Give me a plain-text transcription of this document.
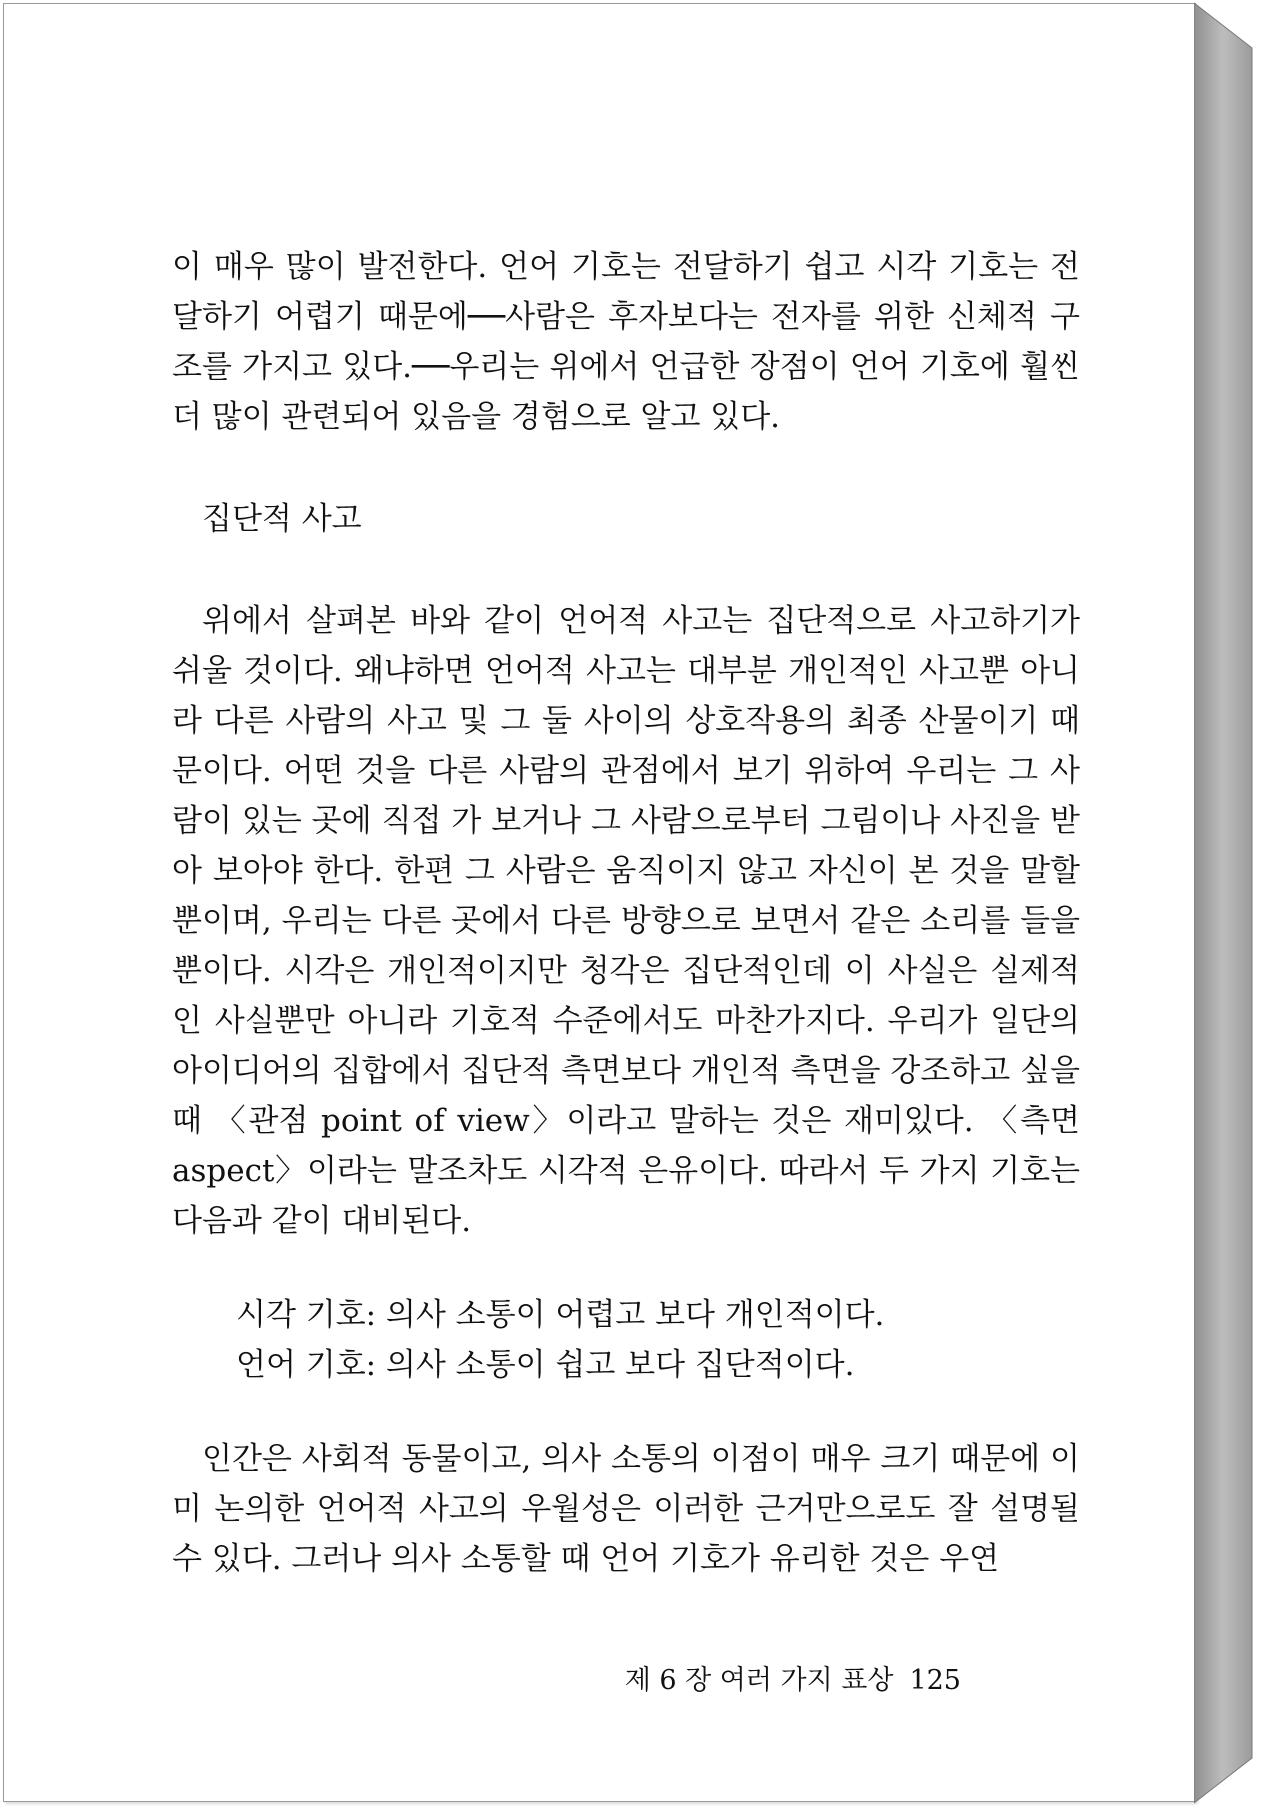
이 매우 많이 발전한다. 언어 기호는 전달하기 쉽고 시각 기호는 전달하기 어렵기 때문에──사람은 후자보다는 전자를 위한 신체적 구조를 가지고 있다.──우리는 위에서 언급한 장점이 언어 기호에 훨씬 더 많이 관련되어 있음을 경험으로 알고 있다.

집단적 사고

위에서 살펴본 바와 같이 언어적 사고는 집단적으로 사고하기가 쉬울 것이다. 왜냐하면 언어적 사고는 대부분 개인적인 사고뿐 아니라 다른 사람의 사고 및 그 둘 사이의 상호작용의 최종 산물이기 때문이다. 어떤 것을 다른 사람의 관점에서 보기 위하여 우리는 그 사람이 있는 곳에 직접 가 보거나 그 사람으로부터 그림이나 사진을 받아 보아야 한다. 한편 그 사람은 움직이지 않고 자신이 본 것을 말할 뿐이며, 우리는 다른 곳에서 다른 방향으로 보면서 같은 소리를 들을 뿐이다. 시각은 개인적이지만 청각은 집단적인데 이 사실은 실제적인 사실뿐만 아니라 기호적 수준에서도 마찬가지다. 우리가 일단의 아이디어의 집합에서 집단적 측면보다 개인적 측면을 강조하고 싶을 때 〈관점 point of view〉이라고 말하는 것은 재미있다. 〈측면 aspect〉이라는 말조차도 시각적 은유이다. 따라서 두 가지 기호는 다음과 같이 대비된다.

시각 기호: 의사 소통이 어렵고 보다 개인적이다.
언어 기호: 의사 소통이 쉽고 보다 집단적이다.

인간은 사회적 동물이고, 의사 소통의 이점이 매우 크기 때문에 이미 논의한 언어적 사고의 우월성은 이러한 근거만으로도 잘 설명될 수 있다. 그러나 의사 소통할 때 언어 기호가 유리한 것은 우연

제 6 장 여러 가지 표상 125
